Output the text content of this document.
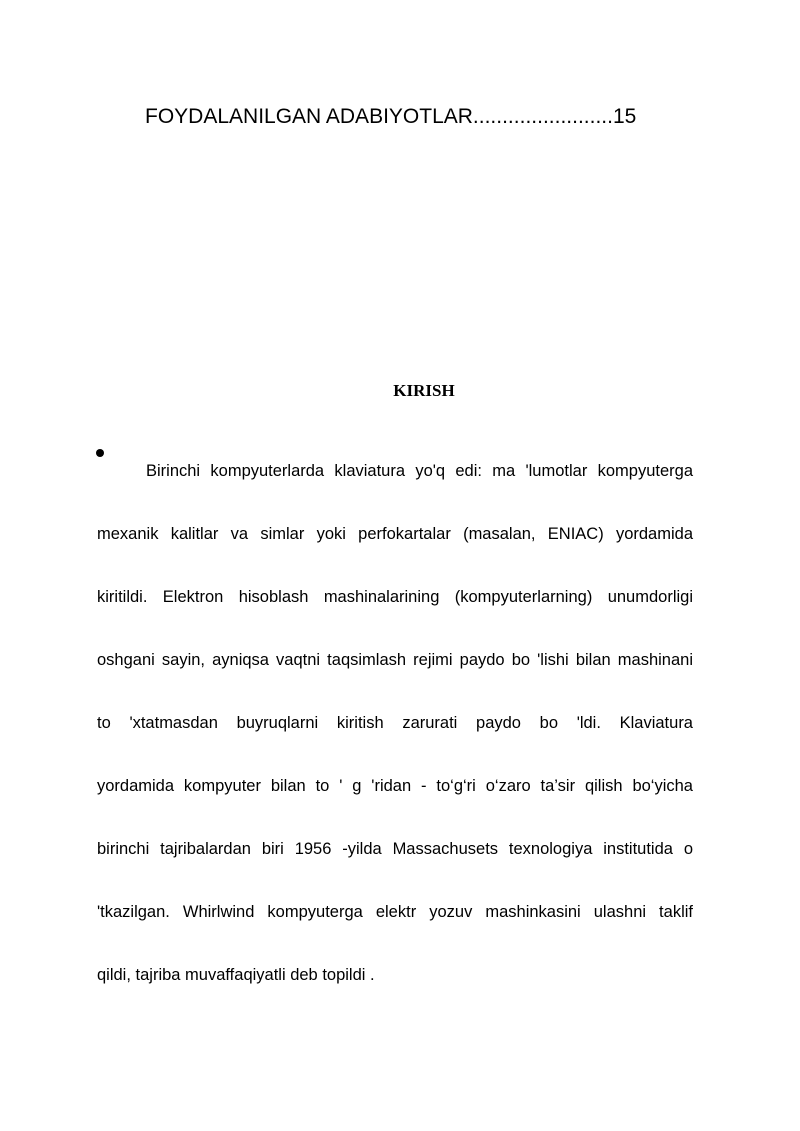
FOYDALANILGAN ADABIYOTLAR........................15
KIRISH
Birinchi kompyuterlarda klaviatura yo'q edi: ma 'lumotlar kompyuterga
mexanik kalitlar va simlar yoki perfokartalar (masalan, ENIAC) yordamida
kiritildi. Elektron hisoblash mashinalarining (kompyuterlarning) unumdorligi
oshgani sayin, ayniqsa vaqtni taqsimlash rejimi paydo bo 'lishi bilan mashinani
to 'xtatmasdan buyruqlarni kiritish zarurati paydo bo 'ldi. Klaviatura
yordamida kompyuter bilan to ' g 'ridan - to‘g‘ri o‘zaro ta’sir qilish bo‘yicha
birinchi tajribalardan biri 1956 -yilda Massachusets texnologiya institutida o
'tkazilgan. Whirlwind kompyuterga elektr yozuv mashinkasini ulashni taklif
qildi, tajriba muvaffaqiyatli deb topildi .
